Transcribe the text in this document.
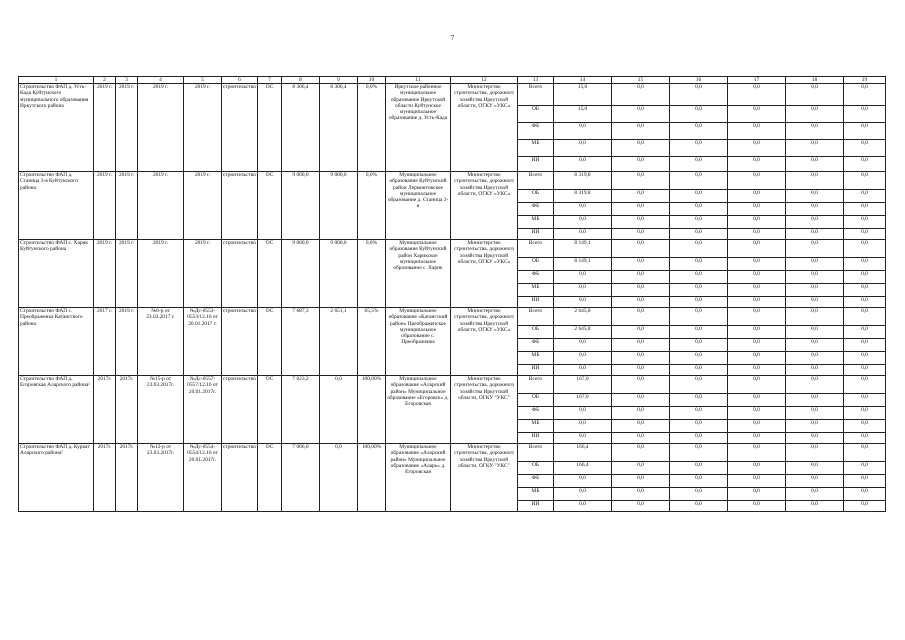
7
1	2	3	4	5	6	7	8	9	10	11	12	13	14	15	16	17	18	19
Строительство ФАП д. Усть-Када Куйтунского муниципального образования Иркутского района	2019 г.	2019 г.	2019 г.	2019 г.	строительство	ОС	8 306,4	8 306,4	0,0%	Иркутское районное муниципальное образование Иркутской области Куйтунское муниципальное образование д. Усть-Када	Министерство строительства, дорожного хозяйства Иркутской области, ОГКУ «УКС»	Всего	15,0	0,0	0,0	0,0	0,0	0,0
												ОБ	15,0	0,0	0,0	0,0	0,0	0,0
												ФБ	0,0	0,0	0,0	0,0	0,0	0,0
												МБ	0,0	0,0	0,0	0,0	0,0	0,0
												ИИ	0,0	0,0	0,0	0,0	0,0	0,0
Строительство ФАП д. Станица 3-я Куйтунского района	2019 г.	2019 г.	2019 г.	2019 г.	строительство	ОС	9 000,0	9 000,0	0,0%	Муниципальное образование Куйтунский район Лермонтовское муниципальное образование д. Станица 3-я	Министерство строительства, дорожного хозяйства Иркутской области, ОГКУ «УКС»	Всего	8 319,8	0,0	0,0	0,0	0,0	0,0
												ОБ	8 319,8	0,0	0,0	0,0	0,0	0,0
												ФБ	0,0	0,0	0,0	0,0	0,0	0,0
												МБ	0,0	0,0	0,0	0,0	0,0	0,0
												ИИ	0,0	0,0	0,0	0,0	0,0	0,0
Строительство ФАП с. Харик Куйтунского района	2019 г.	2019 г.	2019 г.	2019 г.	строительство	ОС	9 000,0	9 000,0	0,0%	Муниципальное образование Куйтунский район Харикское муниципальное образование с. Харик	Министерство строительства, дорожного хозяйства Иркутской области, ОГКУ «УКС»	Всего	8 149,1	0,0	0,0	0,0	0,0	0,0
												ОБ	8 149,1	0,0	0,0	0,0	0,0	0,0
												ФБ	0,0	0,0	0,0	0,0	0,0	0,0
												МБ	0,0	0,0	0,0	0,0	0,0	0,0
												ИИ	0,0	0,0	0,0	0,0	0,0	0,0
Строительство ФАП с. Преображенка Катангского района	2017 г.	2019 г.	№6-р от 23.03.2017 г.	№Дс-0553-0553/12.16 от 20.01.2017 г.	строительство	ОС	7 687,3	2 651,1	65,5%	Муниципальное образование «Катангский район» Преображенское муниципальное образование с. Преображенка	Министерство строительства, дорожного хозяйства Иркутской области, ОГКУ «УКС»	Всего	2 645,8	0,0	0,0	0,0	0,0	0,0
												ОБ	2 645,8	0,0	0,0	0,0	0,0	0,0
												ФБ	0,0	0,0	0,0	0,0	0,0	0,0
												МБ	0,0	0,0	0,0	0,0	0,0	0,0
												ИИ	0,0	0,0	0,0	0,0	0,0	0,0
Строительство ФАП д. Егоровская Аларского района²	2017г.	2017г.	№15-р от 23.03.2017г.	№Дс-0557-0557/12.16 от 20.01.2017г.	строительство	ОС	7 023,2	0,0	100,00%	Муниципальное образование «Аларский район» Муниципальное образование «Егоровск» д. Егоровская	Министерство строительства, дорожного хозяйства Иркутской области, ОГКУ "УКС"	Всего	167,0	0,0	0,0	0,0	0,0	0,0
												ОБ	167,0	0,0	0,0	0,0	0,0	0,0
												ФБ	0,0	0,0	0,0	0,0	0,0	0,0
												МБ	0,0	0,0	0,0	0,0	0,0	0,0
												ИИ	0,0	0,0	0,0	0,0	0,0	0,0
Строительство ФАП д. Куркат Аларского района²	2017г.	2017г.	№12-р от 23.03.2017г.	№Дс-0554-0554/12.16 от 20.01.2017г.	строительство	ОС	7 006,0	0,0	100,00%	Муниципальное образование «Аларский район» Муниципальное образование «Аларь» д. Егоровская	Министерство строительства, дорожного хозяйства Иркутской области, ОГКУ "УКС"	Всего	166,4	0,0	0,0	0,0	0,0	0,0
												ОБ	166,4	0,0	0,0	0,0	0,0	0,0
												ФБ	0,0	0,0	0,0	0,0	0,0	0,0
												МБ	0,0	0,0	0,0	0,0	0,0	0,0
												ИИ	0,0	0,0	0,0	0,0	0,0	0,0
